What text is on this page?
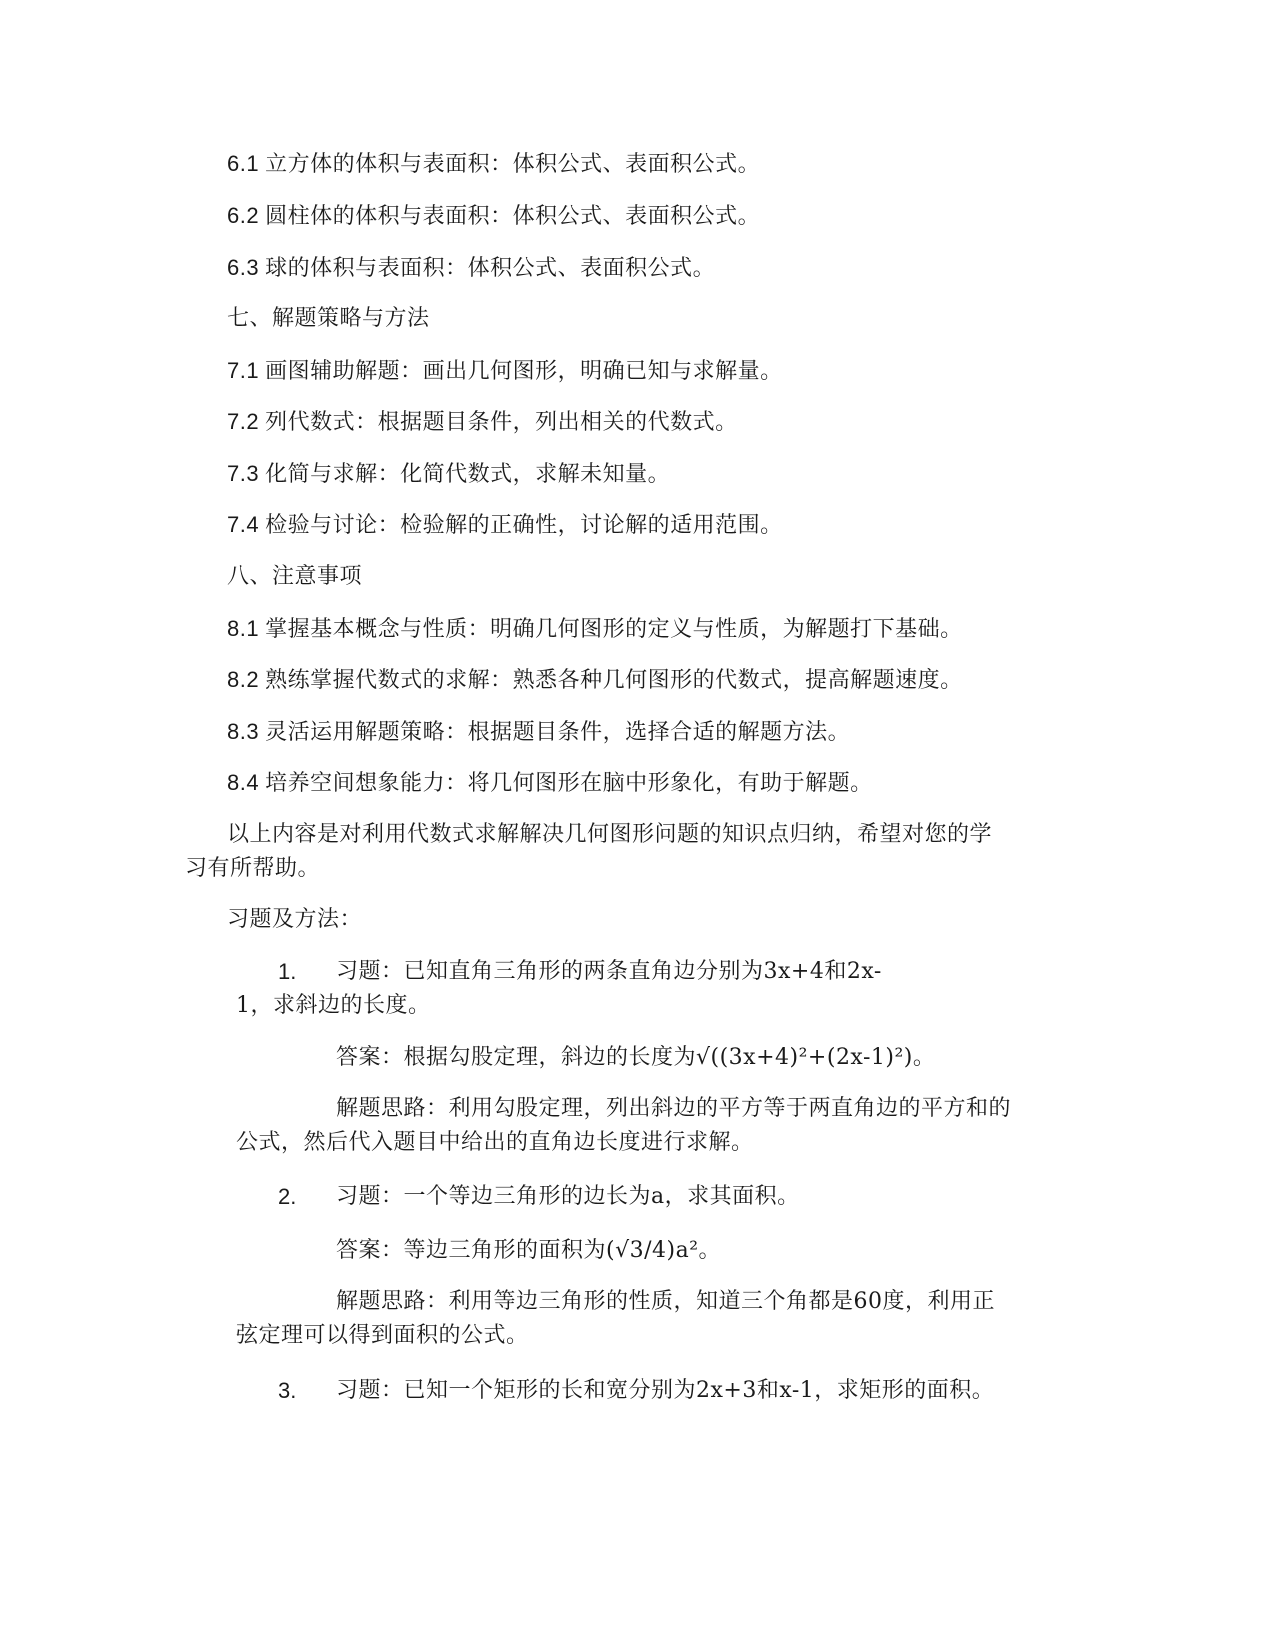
6.1 立方体的体积与表面积：体积公式、表面积公式。
6.2 圆柱体的体积与表面积：体积公式、表面积公式。
6.3 球的体积与表面积：体积公式、表面积公式。
七、解题策略与方法
7.1 画图辅助解题：画出几何图形，明确已知与求解量。
7.2 列代数式：根据题目条件，列出相关的代数式。
7.3 化简与求解：化简代数式，求解未知量。
7.4 检验与讨论：检验解的正确性，讨论解的适用范围。
八、注意事项
8.1 掌握基本概念与性质：明确几何图形的定义与性质，为解题打下基础。
8.2 熟练掌握代数式的求解：熟悉各种几何图形的代数式，提高解题速度。
8.3 灵活运用解题策略：根据题目条件，选择合适的解题方法。
8.4 培养空间想象能力：将几何图形在脑中形象化，有助于解题。
以上内容是对利用代数式求解解决几何图形问题的知识点归纳，希望对您的学
习有所帮助。
习题及方法：
1. 习题：已知直角三角形的两条直角边分别为3x+4和2x-
1，求斜边的长度。
答案：根据勾股定理，斜边的长度为√((3x+4)²+(2x-1)²)。
解题思路：利用勾股定理，列出斜边的平方等于两直角边的平方和的
公式，然后代入题目中给出的直角边长度进行求解。
2. 习题：一个等边三角形的边长为a，求其面积。
答案：等边三角形的面积为(√3/4)a²。
解题思路：利用等边三角形的性质，知道三个角都是60度，利用正
弦定理可以得到面积的公式。
3. 习题：已知一个矩形的长和宽分别为2x+3和x-1，求矩形的面积。
